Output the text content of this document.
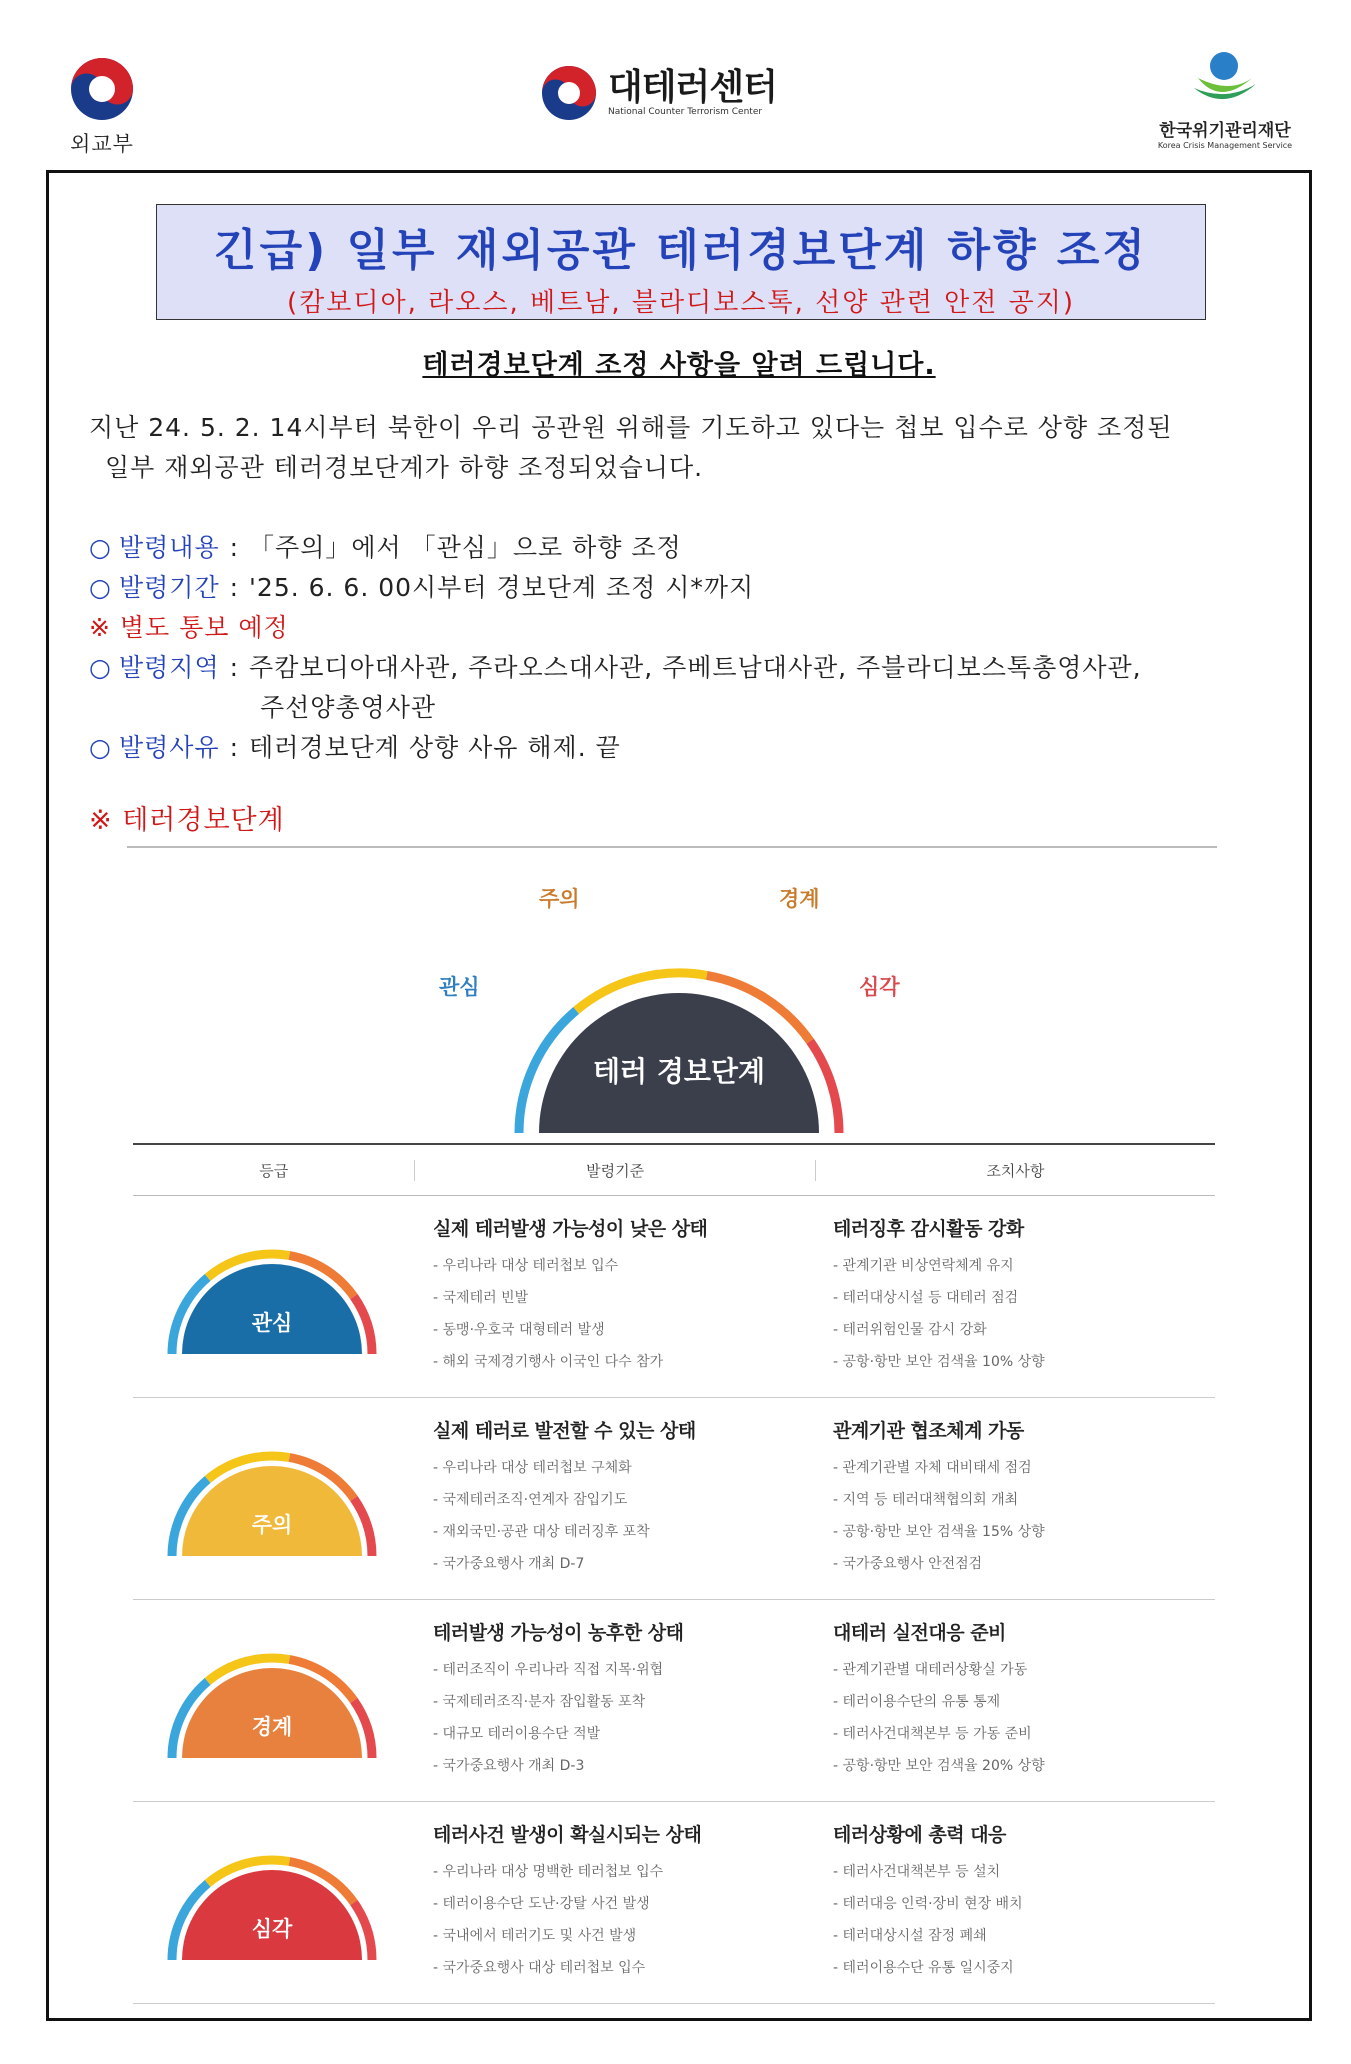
외교부
대테러센터
National Counter Terrorism Center
한국위기관리재단
Korea Crisis Management Service
긴급) 일부 재외공관 테러경보단계 하향 조정
(캄보디아, 라오스, 베트남, 블라디보스톡, 선양 관련 안전 공지)
테러경보단계 조정 사항을 알려 드립니다.
지난 24. 5. 2. 14시부터 북한이 우리 공관원 위해를 기도하고 있다는 첩보 입수로 상향 조정된
일부 재외공관 테러경보단계가 하향 조정되었습니다.
○ 발령내용 : 「주의」에서 「관심」으로 하향 조정
○ 발령기간 : '25. 6. 6. 00시부터 경보단계 조정 시*까지
※ 별도 통보 예정
○ 발령지역 : 주캄보디아대사관, 주라오스대사관, 주베트남대사관, 주블라디보스톡총영사관,
주선양총영사관
○ 발령사유 : 테러경보단계 상향 사유 해제. 끝
※ 테러경보단계
테러 경보단계
관심
주의	경계
심각
등급	발령기준	조치사항
관심
실제 테러발생 가능성이 낮은 상태
- 우리나라 대상 테러첩보 입수
- 국제테러 빈발
- 동맹·우호국 대형테러 발생
- 해외 국제경기행사 이국인 다수 참가
테러징후 감시활동 강화
- 관계기관 비상연락체계 유지
- 테러대상시설 등 대테러 점검
- 테러위험인물 감시 강화
- 공항·항만 보안 검색율 10% 상향
주의
실제 테러로 발전할 수 있는 상태
- 우리나라 대상 테러첩보 구체화
- 국제테러조직·연계자 잠입기도
- 재외국민·공관 대상 테러징후 포착
- 국가중요행사 개최 D-7
관계기관 협조체계 가동
- 관계기관별 자체 대비태세 점검
- 지역 등 테러대책협의회 개최
- 공항·항만 보안 검색율 15% 상향
- 국가중요행사 안전점검
경계
테러발생 가능성이 농후한 상태
- 테러조직이 우리나라 직접 지목·위협
- 국제테러조직·분자 잠입활동 포착
- 대규모 테러이용수단 적발
- 국가중요행사 개최 D-3
대테러 실전대응 준비
- 관계기관별 대테러상황실 가동
- 테러이용수단의 유통 통제
- 테러사건대책본부 등 가동 준비
- 공항·항만 보안 검색율 20% 상향
심각
테러사건 발생이 확실시되는 상태
- 우리나라 대상 명백한 테러첩보 입수
- 테러이용수단 도난·강탈 사건 발생
- 국내에서 테러기도 및 사건 발생
- 국가중요행사 대상 테러첩보 입수
테러상황에 총력 대응
- 테러사건대책본부 등 설치
- 테러대응 인력·장비 현장 배치
- 테러대상시설 잠정 폐쇄
- 테러이용수단 유통 일시중지
